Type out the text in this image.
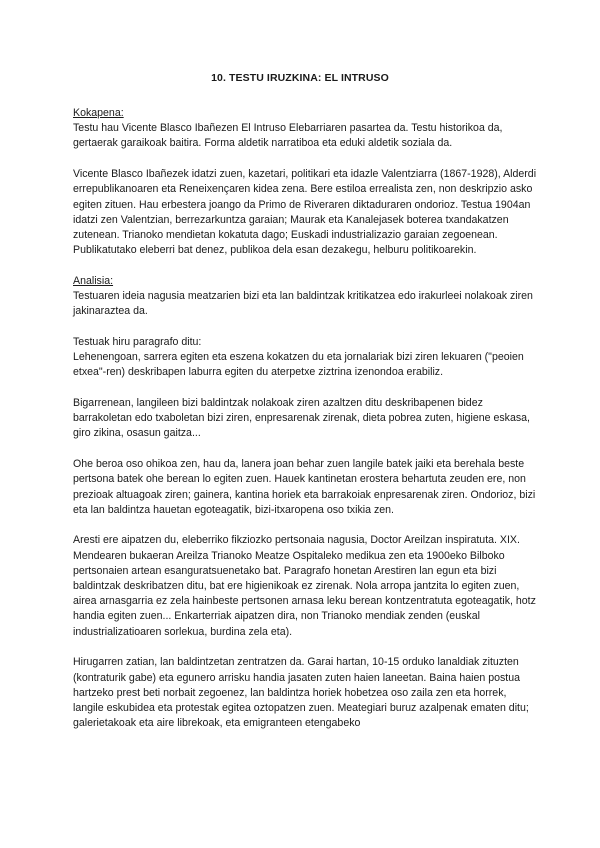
10. TESTU IRUZKINA: EL INTRUSO

Kokapena:

Testu hau Vicente Blasco Ibañezen El Intruso Elebarriaren pasartea da. Testu historikoa da, gertaerak garaikoak baitira. Forma aldetik narratiboa eta eduki aldetik soziala da.

Vicente Blasco Ibañezek idatzi zuen, kazetari, politikari eta idazle Valentziarra (1867-1928), Alderdi errepublikanoaren eta Reneixençaren kidea zena. Bere estiloa errealista zen, non deskripzio asko egiten zituen. Hau erbestera joango da Primo de Riveraren diktaduraren ondorioz. Testua 1904an idatzi zen Valentzian, berrezarkuntza garaian; Maurak eta Kanalejasek boterea txandakatzen zutenean. Trianoko mendietan kokatuta dago; Euskadi industrializazio garaian zegoenean. Publikatutako eleberri bat denez, publikoa dela esan dezakegu, helburu politikoarekin.

Analisia:

Testuaren ideia nagusia meatzarien bizi eta lan baldintzak kritikatzea edo irakurleei nolakoak ziren jakinaraztea da.

Testuak hiru paragrafo ditu:
Lehenengoan, sarrera egiten eta eszena kokatzen du eta jornalariak bizi ziren lekuaren ("peoien etxea"-ren) deskribapen laburra egiten du aterpetxe ziztrina izenondoa erabiliz.

Bigarrenean, langileen bizi baldintzak nolakoak ziren azaltzen ditu deskribapenen bidez barrakoletan edo txaboletan bizi ziren, enpresarenak zirenak, dieta pobrea zuten, higiene eskasa, giro zikina, osasun gaitza...

Ohe beroa oso ohikoa zen, hau da, lanera joan behar zuen langile batek jaiki eta berehala beste pertsona batek ohe berean lo egiten zuen. Hauek kantinetan erostera behartuta zeuden ere, non prezioak altuagoak ziren; gainera, kantina horiek eta barrakoiak enpresarenak ziren. Ondorioz, bizi eta lan baldintza hauetan egoteagatik, bizi-itxaropena oso txikia zen.

Aresti ere aipatzen du, eleberriko fikziozko pertsonaia nagusia, Doctor Areilzan inspiratuta. XIX. Mendearen bukaeran Areilza Trianoko Meatze Ospitaleko medikua zen eta 1900eko Bilboko pertsonaien artean esanguratsuenetako bat. Paragrafo honetan Arestiren lan egun eta bizi baldintzak deskribatzen ditu, bat ere higienikoak ez zirenak. Nola arropa jantzita lo egiten zuen, airea arnasgarria ez zela hainbeste pertsonen arnasa leku berean kontzentratuta egoteagatik, hotz handia egiten zuen... Enkarterriak aipatzen dira, non Trianoko mendiak zenden (euskal industrializatioaren sorlekua, burdina zela eta).

Hirugarren zatian, lan baldintzetan zentratzen da. Garai hartan, 10-15 orduko lanaldiak zituzten (kontraturik gabe) eta egunero arrisku handia jasaten zuten haien laneetan. Baina haien postua hartzeko prest beti norbait zegoenez, lan baldintza horiek hobetzea oso zaila zen eta horrek, langile eskubidea eta protestak egitea oztopatzen zuen. Meategiari buruz azalpenak ematen ditu; galerietakoak eta aire librekoak, eta emigranteen etengabeko
